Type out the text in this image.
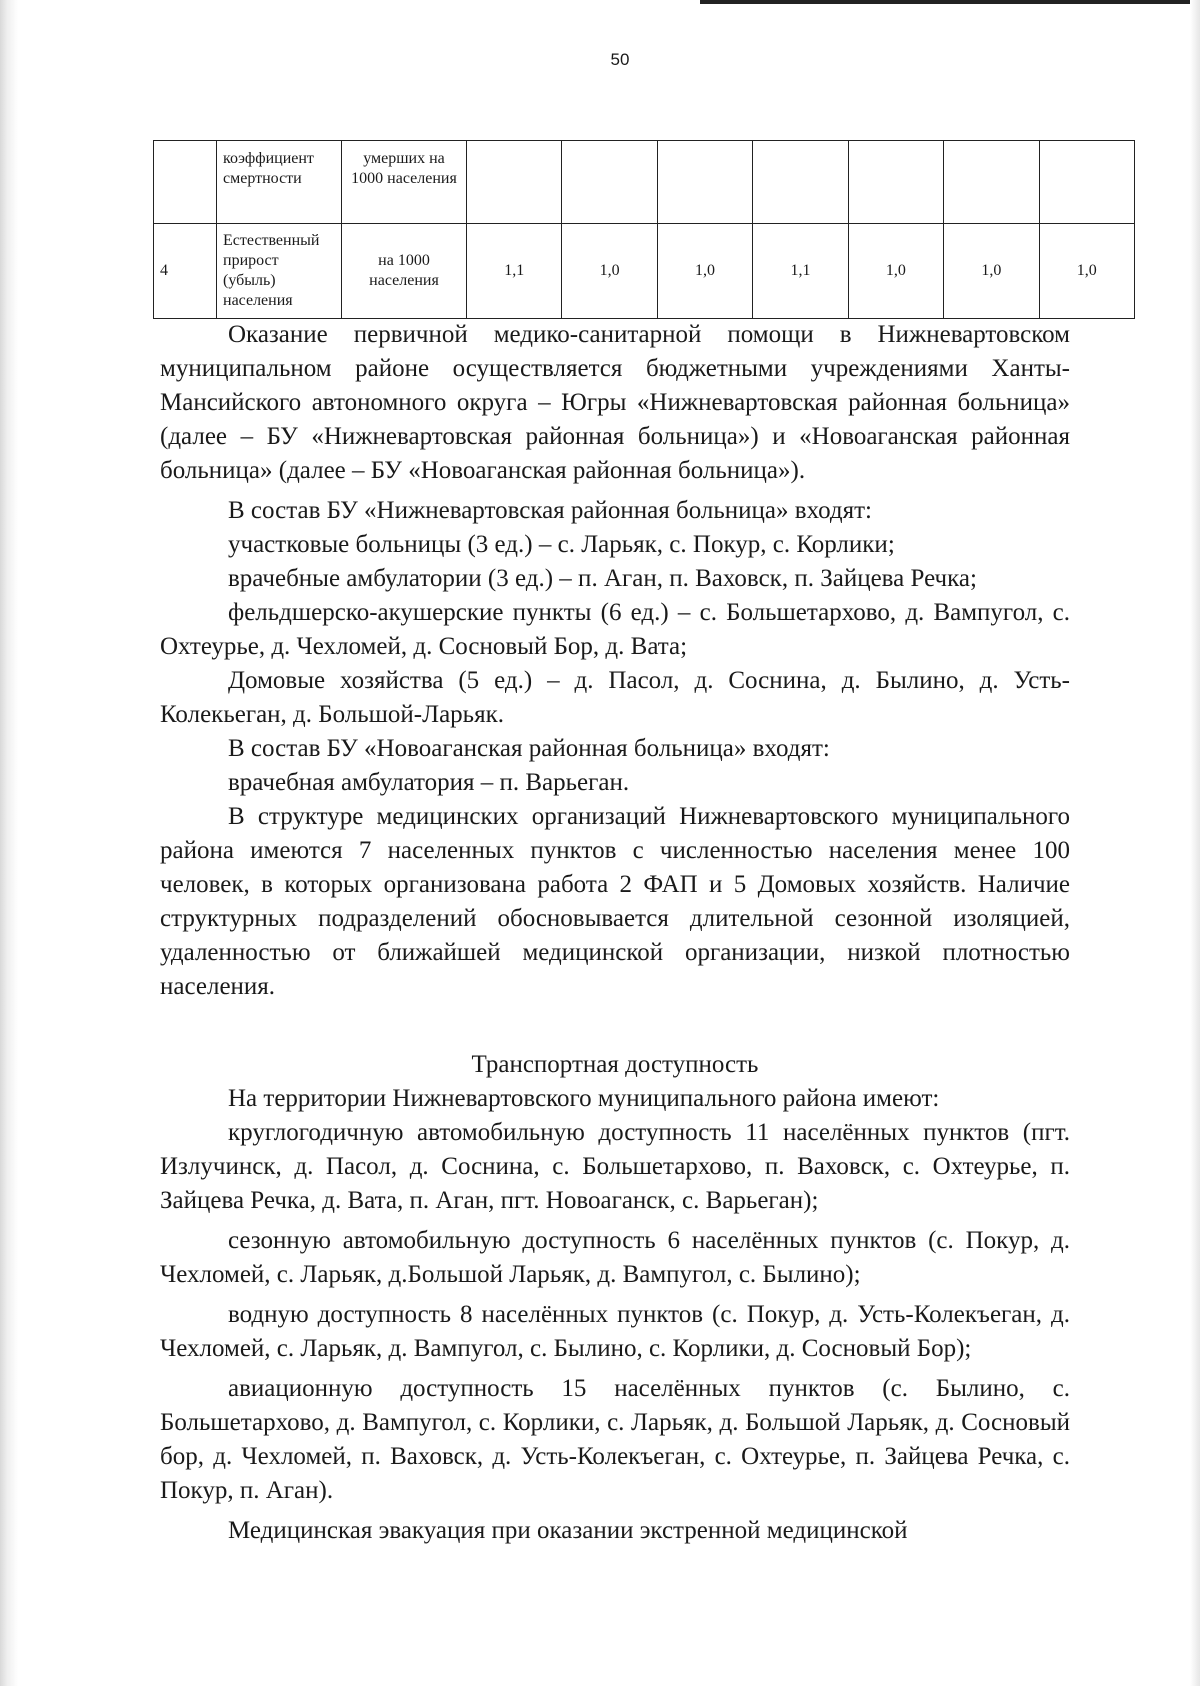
50
	коэффициент смертности	умерших на 1000 населения							
4	Естественный прирост (убыль) населения	на 1000 населения	1,1	1,0	1,0	1,1	1,0	1,0	1,0

Оказание первичной медико-санитарной помощи в Нижневартовском муниципальном районе осуществляется бюджетными учреждениями Ханты-Мансийского автономного округа – Югры «Нижневартовская районная больница» (далее – БУ «Нижневартовская районная больница») и «Новоаганская районная больница» (далее – БУ «Новоаганская районная больница»).

В состав БУ «Нижневартовская районная больница» входят:

участковые больницы (3 ед.) – с. Ларьяк, с. Покур, с. Корлики;

врачебные амбулатории (3 ед.) – п. Аган, п. Ваховск, п. Зайцева Речка;

фельдшерско-акушерские пункты (6 ед.) – с. Большетархово, д. Вампугол, с. Охтеурье, д. Чехломей, д. Сосновый Бор, д. Вата;

Домовые хозяйства (5 ед.) – д. Пасол, д. Соснина, д. Былино, д. Усть-Колекьеган, д. Большой-Ларьяк.

В состав БУ «Новоаганская районная больница» входят:

врачебная амбулатория – п. Варьеган.

В структуре медицинских организаций Нижневартовского муниципального района имеются 7 населенных пунктов с численностью населения менее 100 человек, в которых организована работа 2 ФАП и 5 Домовых хозяйств. Наличие структурных подразделений обосновывается длительной сезонной изоляцией, удаленностью от ближайшей медицинской организации, низкой плотностью населения.

Транспортная доступность

На территории Нижневартовского муниципального района имеют:

круглогодичную автомобильную доступность 11 населённых пунктов (пгт. Излучинск, д. Пасол, д. Соснина, с. Большетархово, п. Ваховск, с. Охтеурье, п. Зайцева Речка, д. Вата, п. Аган, пгт. Новоаганск, с. Варьеган);

сезонную автомобильную доступность 6 населённых пунктов (с. Покур, д. Чехломей, с. Ларьяк, д.Большой Ларьяк, д. Вампугол, с. Былино);

водную доступность 8 населённых пунктов (с. Покур, д. Усть-Колекъеган, д. Чехломей, с. Ларьяк, д. Вампугол, с. Былино, с. Корлики, д. Сосновый Бор);

авиационную доступность 15 населённых пунктов (с. Былино, с. Большетархово, д. Вампугол, с. Корлики, с. Ларьяк, д. Большой Ларьяк, д. Сосновый бор, д. Чехломей, п. Ваховск, д. Усть-Колекъеган, с. Охтеурье, п. Зайцева Речка, с. Покур, п. Аган).

Медицинская эвакуация при оказании экстренной медицинской
